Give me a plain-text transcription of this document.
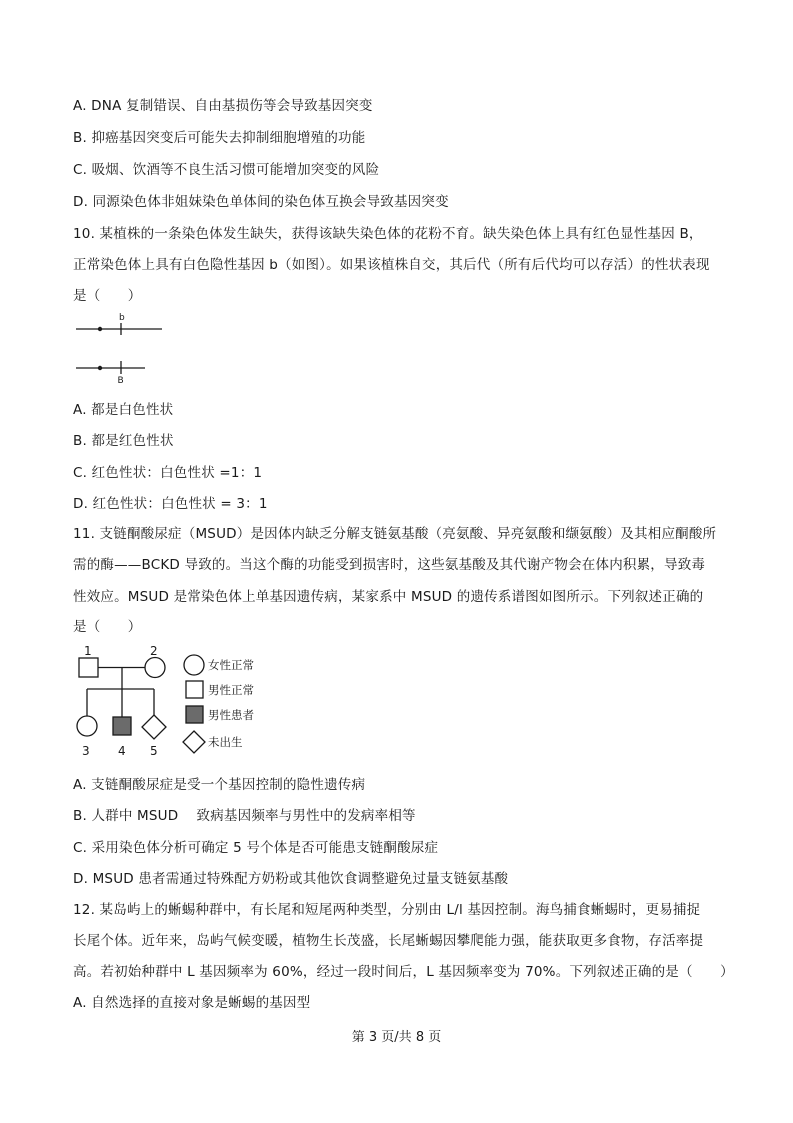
A. DNA 复制错误、自由基损伤等会导致基因突变
B. 抑癌基因突变后可能失去抑制细胞增殖的功能
C. 吸烟、饮酒等不良生活习惯可能增加突变的风险
D. 同源染色体非姐妹染色单体间的染色体互换会导致基因突变
10. 某植株的一条染色体发生缺失，获得该缺失染色体的花粉不育。缺失染色体上具有红色显性基因 B，
正常染色体上具有白色隐性基因 b（如图）。如果该植株自交，其后代（所有后代均可以存活）的性状表现
是（　　）
b
B
A. 都是白色性状
B. 都是红色性状
C. 红色性状：白色性状 =1：1
D. 红色性状：白色性状 = 3：1
11. 支链酮酸尿症（MSUD）是因体内缺乏分解支链氨基酸（亮氨酸、异亮氨酸和缬氨酸）及其相应酮酸所
需的酶——BCKD 导致的。当这个酶的功能受到损害时，这些氨基酸及其代谢产物会在体内积累，导致毒
性效应。MSUD 是常染色体上单基因遗传病，某家系中 MSUD 的遗传系谱图如图所示。下列叙述正确的
是（　　）
1	2
3 4 5
女性正常
男性正常
男性患者
未出生
A. 支链酮酸尿症是受一个基因控制的隐性遗传病
B. 人群中 MSUD　 致病基因频率与男性中的发病率相等
C. 采用染色体分析可确定 5 号个体是否可能患支链酮酸尿症
D. MSUD 患者需通过特殊配方奶粉或其他饮食调整避免过量支链氨基酸
12. 某岛屿上的蜥蜴种群中，有长尾和短尾两种类型，分别由 L/l 基因控制。海鸟捕食蜥蜴时，更易捕捉
长尾个体。近年来，岛屿气候变暖，植物生长茂盛，长尾蜥蜴因攀爬能力强，能获取更多食物，存活率提
高。若初始种群中 L 基因频率为 60%，经过一段时间后，L 基因频率变为 70%。下列叙述正确的是（　　）
A. 自然选择的直接对象是蜥蜴的基因型
第 3 页/共 8 页
